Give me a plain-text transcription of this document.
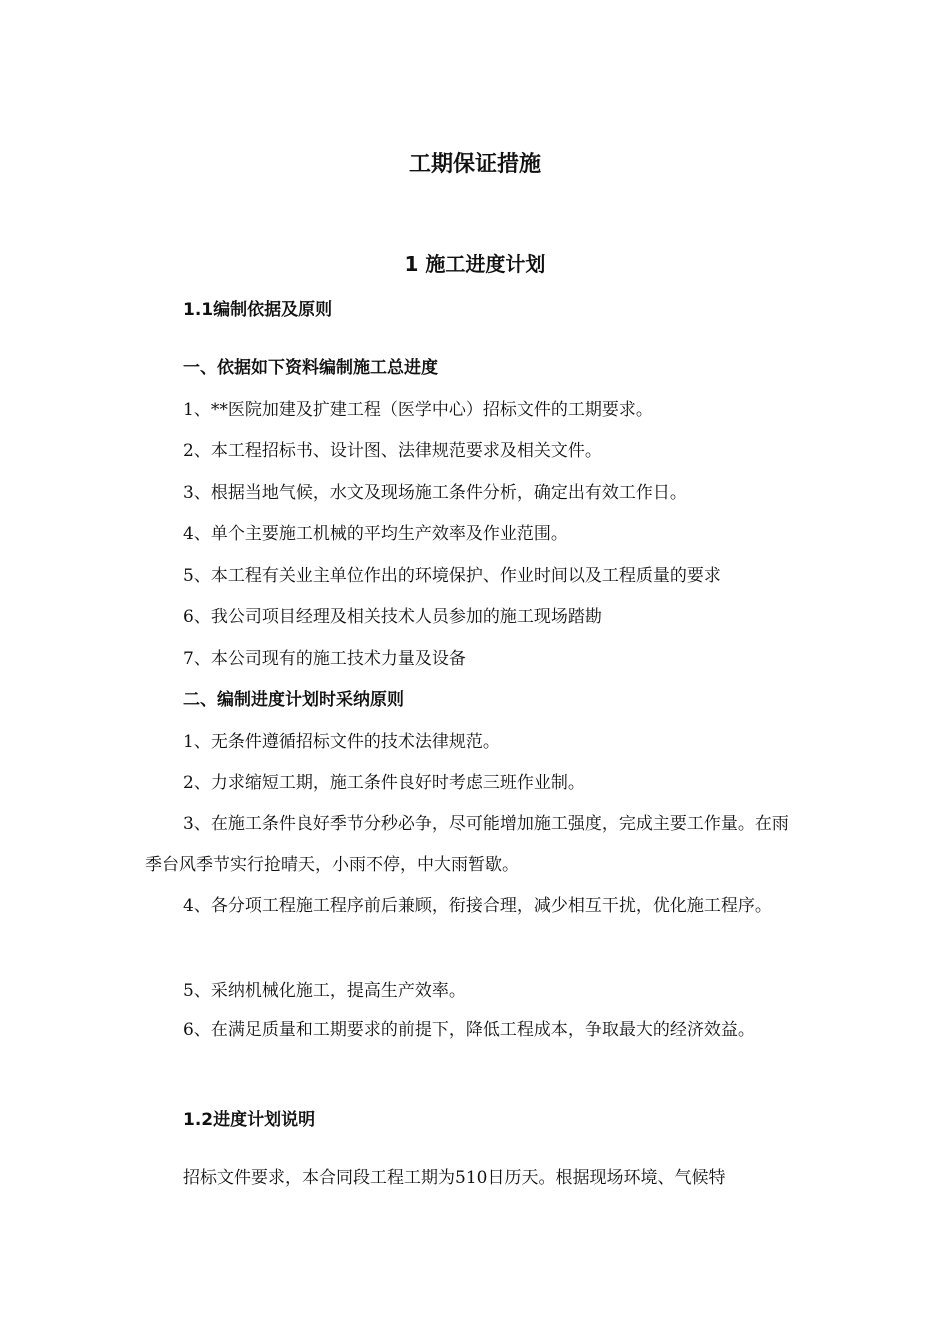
工期保证措施
1 施工进度计划
1.1编制依据及原则
一、依据如下资料编制施工总进度
1、**医院加建及扩建工程（医学中心）招标文件的工期要求。
2、本工程招标书、设计图、法律规范要求及相关文件。
3、根据当地气候，水文及现场施工条件分析，确定出有效工作日。
4、单个主要施工机械的平均生产效率及作业范围。
5、本工程有关业主单位作出的环境保护、作业时间以及工程质量的要求
6、我公司项目经理及相关技术人员参加的施工现场踏勘
7、本公司现有的施工技术力量及设备
二、编制进度计划时采纳原则
1、无条件遵循招标文件的技术法律规范。
2、力求缩短工期，施工条件良好时考虑三班作业制。
3、在施工条件良好季节分秒必争，尽可能增加施工强度，完成主要工作量。在雨季台风季节实行抢晴天，小雨不停，中大雨暂歇。
4、各分项工程施工程序前后兼顾，衔接合理，减少相互干扰，优化施工程序。
5、采纳机械化施工，提高生产效率。
6、在满足质量和工期要求的前提下，降低工程成本，争取最大的经济效益。
1.2进度计划说明
招标文件要求，本合同段工程工期为510日历天。根据现场环境、气候特
